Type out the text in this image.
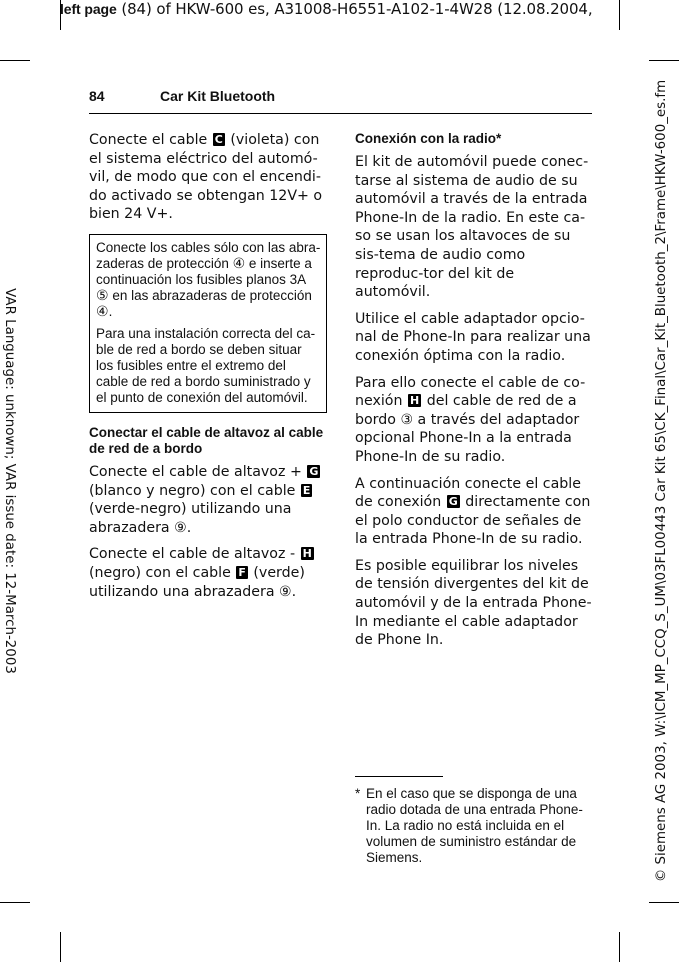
left page (84) of HKW-600 es, A31008-H6551-A102-1-4W28 (12.08.2004,
VAR Language: unknown; VAR issue date: 12-March-2003	© Siemens AG 2003, W:\ICM_MP_CCQ_S_UM\03FL00443 Car Kit 65\CK_Final\Car_Kit_Bluetooth_2\Frame\HKW-600_es.fm
84	Car Kit Bluetooth

Conecte el cable C (violeta) con el sistema eléctrico del automó-vil, de modo que con el encendi-do activado se obtengan 12V+ o bien 24 V+.

Conecte los cables sólo con las abra-zaderas de protección ④ e inserte a continuación los fusibles planos 3A ⑤ en las abrazaderas de protección ④.

Para una instalación correcta del ca-ble de red a bordo se deben situar los fusibles entre el extremo del cable de red a bordo suministrado y el punto de conexión del automóvil.

Conectar el cable de altavoz al cable de red de a bordo

Conecte el cable de altavoz + G (blanco y negro) con el cable E (verde-negro) utilizando una abrazadera ⑨.

Conecte el cable de altavoz - H (negro) con el cable F (verde) utilizando una abrazadera ⑨.

Conexión con la radio*

El kit de automóvil puede conec-tarse al sistema de audio de su automóvil a través de la entrada Phone-In de la radio. En este ca-so se usan los altavoces de su sis-tema de audio como reproduc-tor del kit de automóvil.

Utilice el cable adaptador opcio-nal de Phone-In para realizar una conexión óptima con la radio.

Para ello conecte el cable de co-nexión H del cable de red de a bordo ③ a través del adaptador opcional Phone-In a la entrada Phone-In de su radio.

A continuación conecte el cable de conexión G directamente con el polo conductor de señales de la entrada Phone-In de su radio.

Es posible equilibrar los niveles de tensión divergentes del kit de automóvil y de la entrada Phone-In mediante el cable adaptador de Phone In.

* En el caso que se disponga de una radio dotada de una entrada Phone-In. La radio no está incluida en el volumen de suministro estándar de Siemens.
